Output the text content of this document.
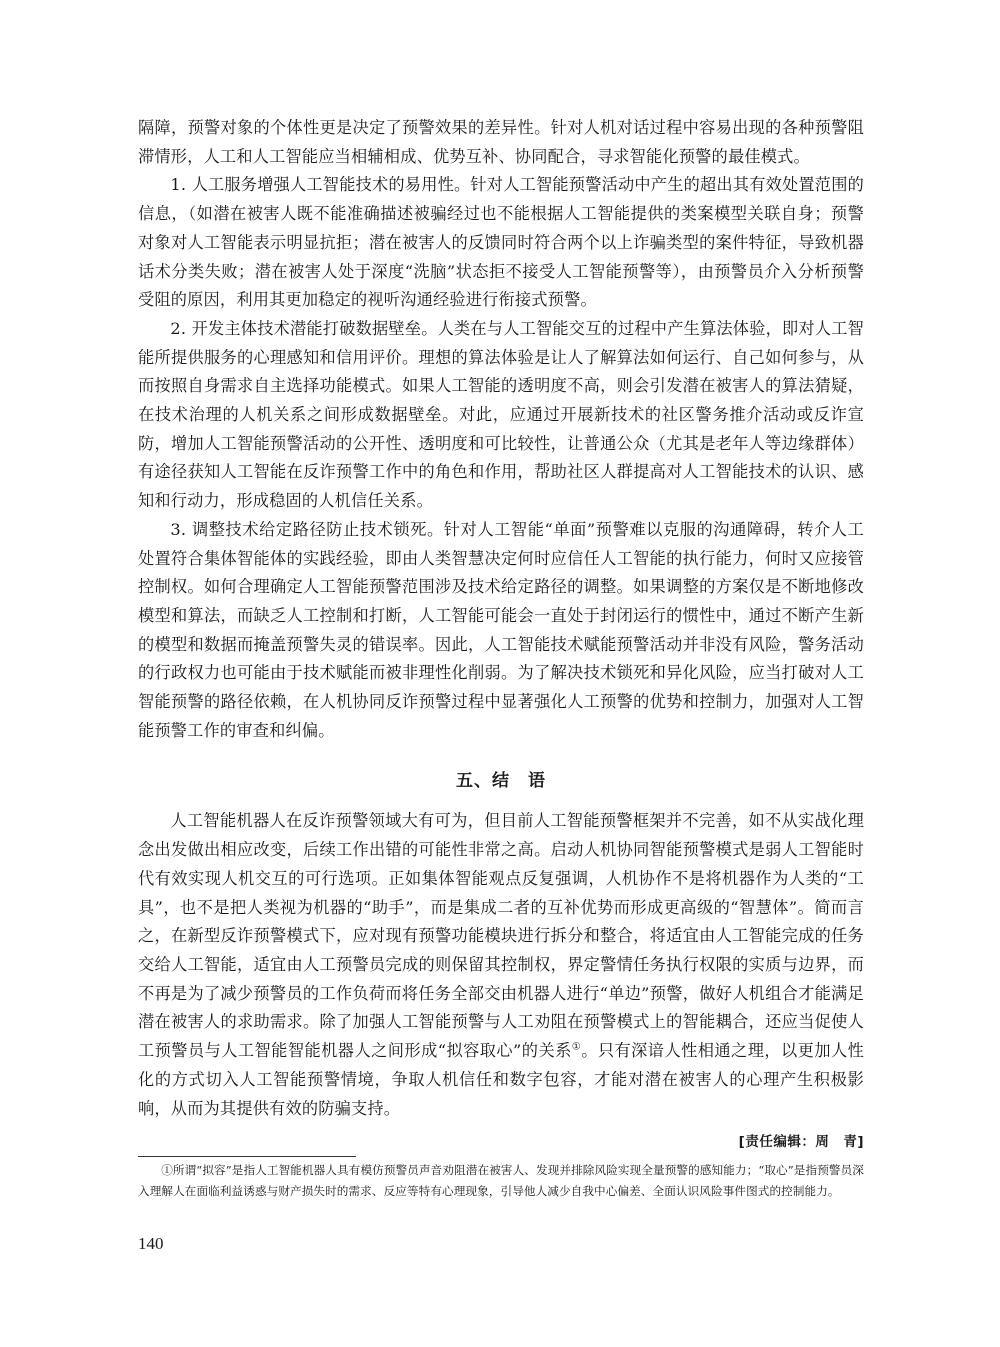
隔障，预警对象的个体性更是决定了预警效果的差异性。针对人机对话过程中容易出现的各种预警阻滞情形，人工和人工智能应当相辅相成、优势互补、协同配合，寻求智能化预警的最佳模式。

1. 人工服务增强人工智能技术的易用性。针对人工智能预警活动中产生的超出其有效处置范围的信息，（如潜在被害人既不能准确描述被骗经过也不能根据人工智能提供的类案模型关联自身；预警对象对人工智能表示明显抗拒；潜在被害人的反馈同时符合两个以上诈骗类型的案件特征，导致机器话术分类失败；潜在被害人处于深度“洗脑”状态拒不接受人工智能预警等），由预警员介入分析预警受阻的原因，利用其更加稳定的视听沟通经验进行衔接式预警。

2. 开发主体技术潜能打破数据壁垒。人类在与人工智能交互的过程中产生算法体验，即对人工智能所提供服务的心理感知和信用评价。理想的算法体验是让人了解算法如何运行、自己如何参与，从而按照自身需求自主选择功能模式。如果人工智能的透明度不高，则会引发潜在被害人的算法猜疑，在技术治理的人机关系之间形成数据壁垒。对此，应通过开展新技术的社区警务推介活动或反诈宣防，增加人工智能预警活动的公开性、透明度和可比较性，让普通公众（尤其是老年人等边缘群体）有途径获知人工智能在反诈预警工作中的角色和作用，帮助社区人群提高对人工智能技术的认识、感知和行动力，形成稳固的人机信任关系。

3. 调整技术给定路径防止技术锁死。针对人工智能“单面”预警难以克服的沟通障碍，转介人工处置符合集体智能体的实践经验，即由人类智慧决定何时应信任人工智能的执行能力，何时又应接管控制权。如何合理确定人工智能预警范围涉及技术给定路径的调整。如果调整的方案仅是不断地修改模型和算法，而缺乏人工控制和打断，人工智能可能会一直处于封闭运行的惯性中，通过不断产生新的模型和数据而掩盖预警失灵的错误率。因此，人工智能技术赋能预警活动并非没有风险，警务活动的行政权力也可能由于技术赋能而被非理性化削弱。为了解决技术锁死和异化风险，应当打破对人工智能预警的路径依赖，在人机协同反诈预警过程中显著强化人工预警的优势和控制力，加强对人工智能预警工作的审查和纠偏。

五、结　语

人工智能机器人在反诈预警领域大有可为，但目前人工智能预警框架并不完善，如不从实战化理念出发做出相应改变，后续工作出错的可能性非常之高。启动人机协同智能预警模式是弱人工智能时代有效实现人机交互的可行选项。正如集体智能观点反复强调，人机协作不是将机器作为人类的“工具”，也不是把人类视为机器的“助手”，而是集成二者的互补优势而形成更高级的“智慧体”。简而言之，在新型反诈预警模式下，应对现有预警功能模块进行拆分和整合，将适宜由人工智能完成的任务交给人工智能，适宜由人工预警员完成的则保留其控制权，界定警情任务执行权限的实质与边界，而不再是为了减少预警员的工作负荷而将任务全部交由机器人进行“单边”预警，做好人机组合才能满足潜在被害人的求助需求。除了加强人工智能预警与人工劝阻在预警模式上的智能耦合，还应当促使人工预警员与人工智能智能机器人之间形成“拟容取心”的关系①。只有深谙人性相通之理，以更加人性化的方式切入人工智能预警情境，争取人机信任和数字包容，才能对潜在被害人的心理产生积极影响，从而为其提供有效的防骗支持。

[责任编辑：周　青]

①所谓“拟容”是指人工智能机器人具有模仿预警员声音劝阻潜在被害人、发现并排除风险实现全量预警的感知能力；“取心”是指预警员深入理解人在面临利益诱惑与财产损失时的需求、反应等特有心理现象，引导他人减少自我中心偏差、全面认识风险事件图式的控制能力。

140
